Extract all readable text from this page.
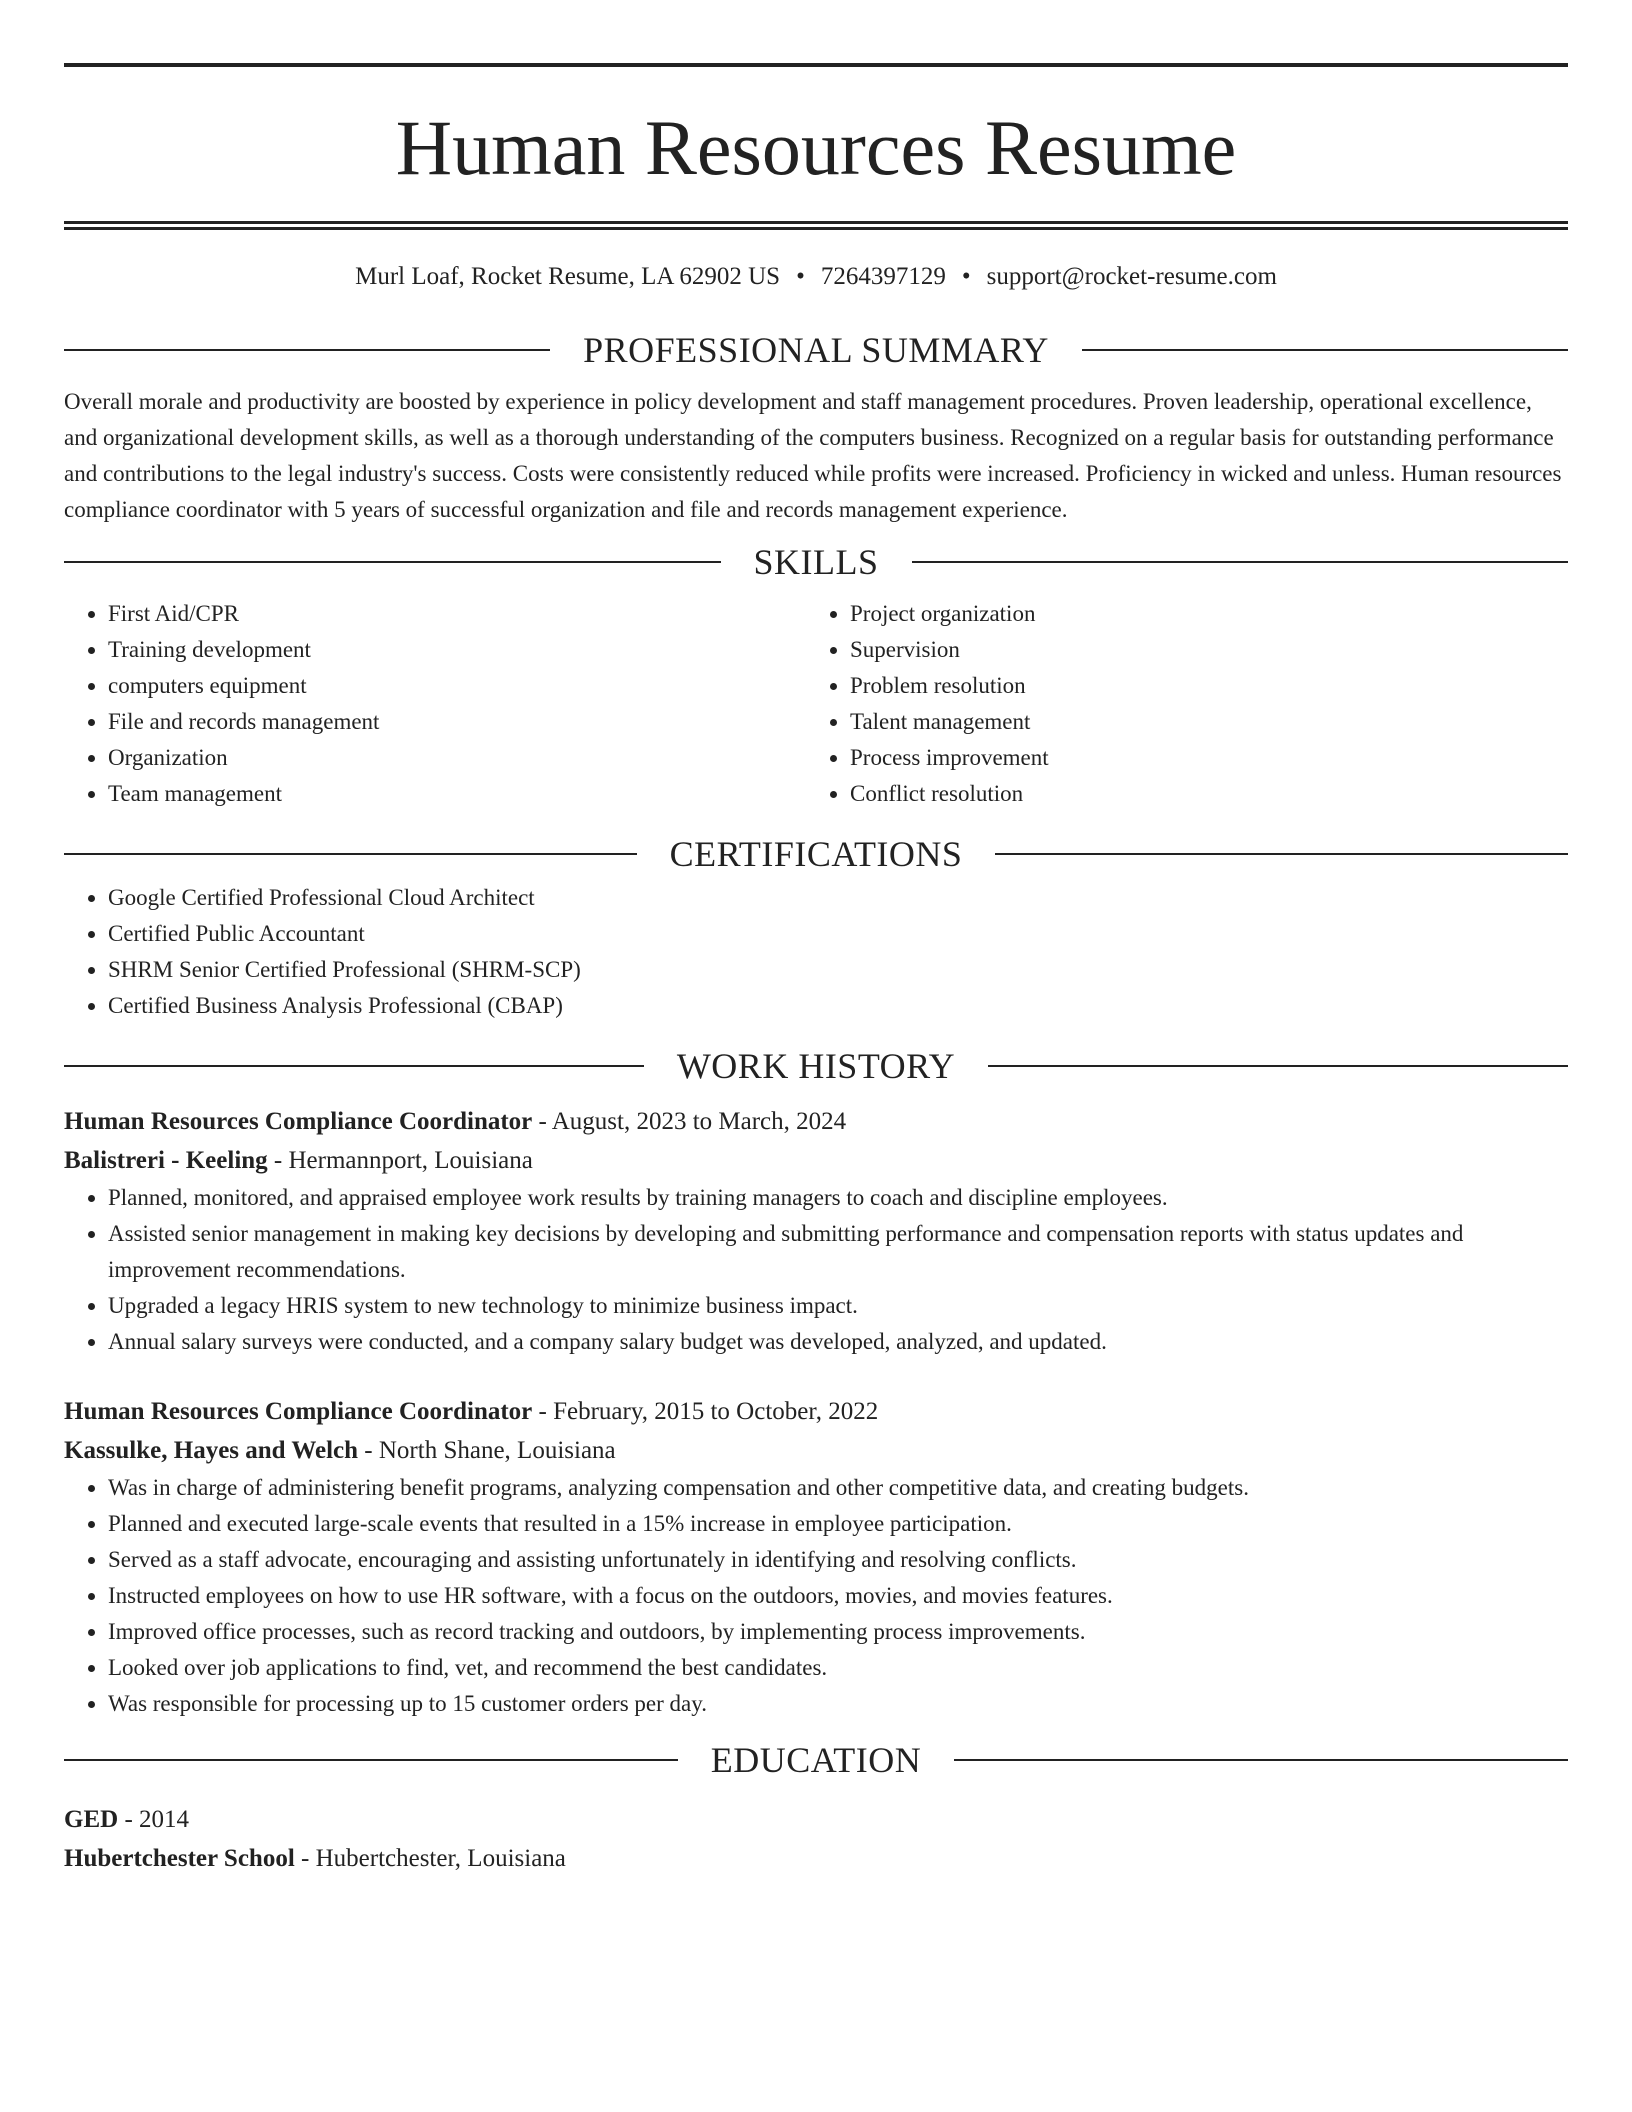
Human Resources Resume
Murl Loaf, Rocket Resume, LA 62902 US • 7264397129 • support@rocket-resume.com
PROFESSIONAL SUMMARY

Overall morale and productivity are boosted by experience in policy development and staff management procedures. Proven leadership, operational excellence, and organizational development skills, as well as a thorough understanding of the computers business. Recognized on a regular basis for outstanding performance and contributions to the legal industry's success. Costs were consistently reduced while profits were increased. Proficiency in wicked and unless. Human resources compliance coordinator with 5 years of successful organization and file and records management experience.

SKILLS
• First Aid/CPR
• Training development
• computers equipment
• File and records management
• Organization
• Team management
• Project organization
• Supervision
• Problem resolution
• Talent management
• Process improvement
• Conflict resolution
CERTIFICATIONS
• Google Certified Professional Cloud Architect
• Certified Public Accountant
• SHRM Senior Certified Professional (SHRM-SCP)
• Certified Business Analysis Professional (CBAP)
WORK HISTORY
Human Resources Compliance Coordinator - August, 2023 to March, 2024
Balistreri - Keeling - Hermannport, Louisiana
• Planned, monitored, and appraised employee work results by training managers to coach and discipline employees.
• Assisted senior management in making key decisions by developing and submitting performance and compensation reports with status updates and improvement recommendations.
• Upgraded a legacy HRIS system to new technology to minimize business impact.
• Annual salary surveys were conducted, and a company salary budget was developed, analyzed, and updated.
Human Resources Compliance Coordinator - February, 2015 to October, 2022
Kassulke, Hayes and Welch - North Shane, Louisiana
• Was in charge of administering benefit programs, analyzing compensation and other competitive data, and creating budgets.
• Planned and executed large-scale events that resulted in a 15% increase in employee participation.
• Served as a staff advocate, encouraging and assisting unfortunately in identifying and resolving conflicts.
• Instructed employees on how to use HR software, with a focus on the outdoors, movies, and movies features.
• Improved office processes, such as record tracking and outdoors, by implementing process improvements.
• Looked over job applications to find, vet, and recommend the best candidates.
• Was responsible for processing up to 15 customer orders per day.
EDUCATION
GED - 2014
Hubertchester School - Hubertchester, Louisiana
